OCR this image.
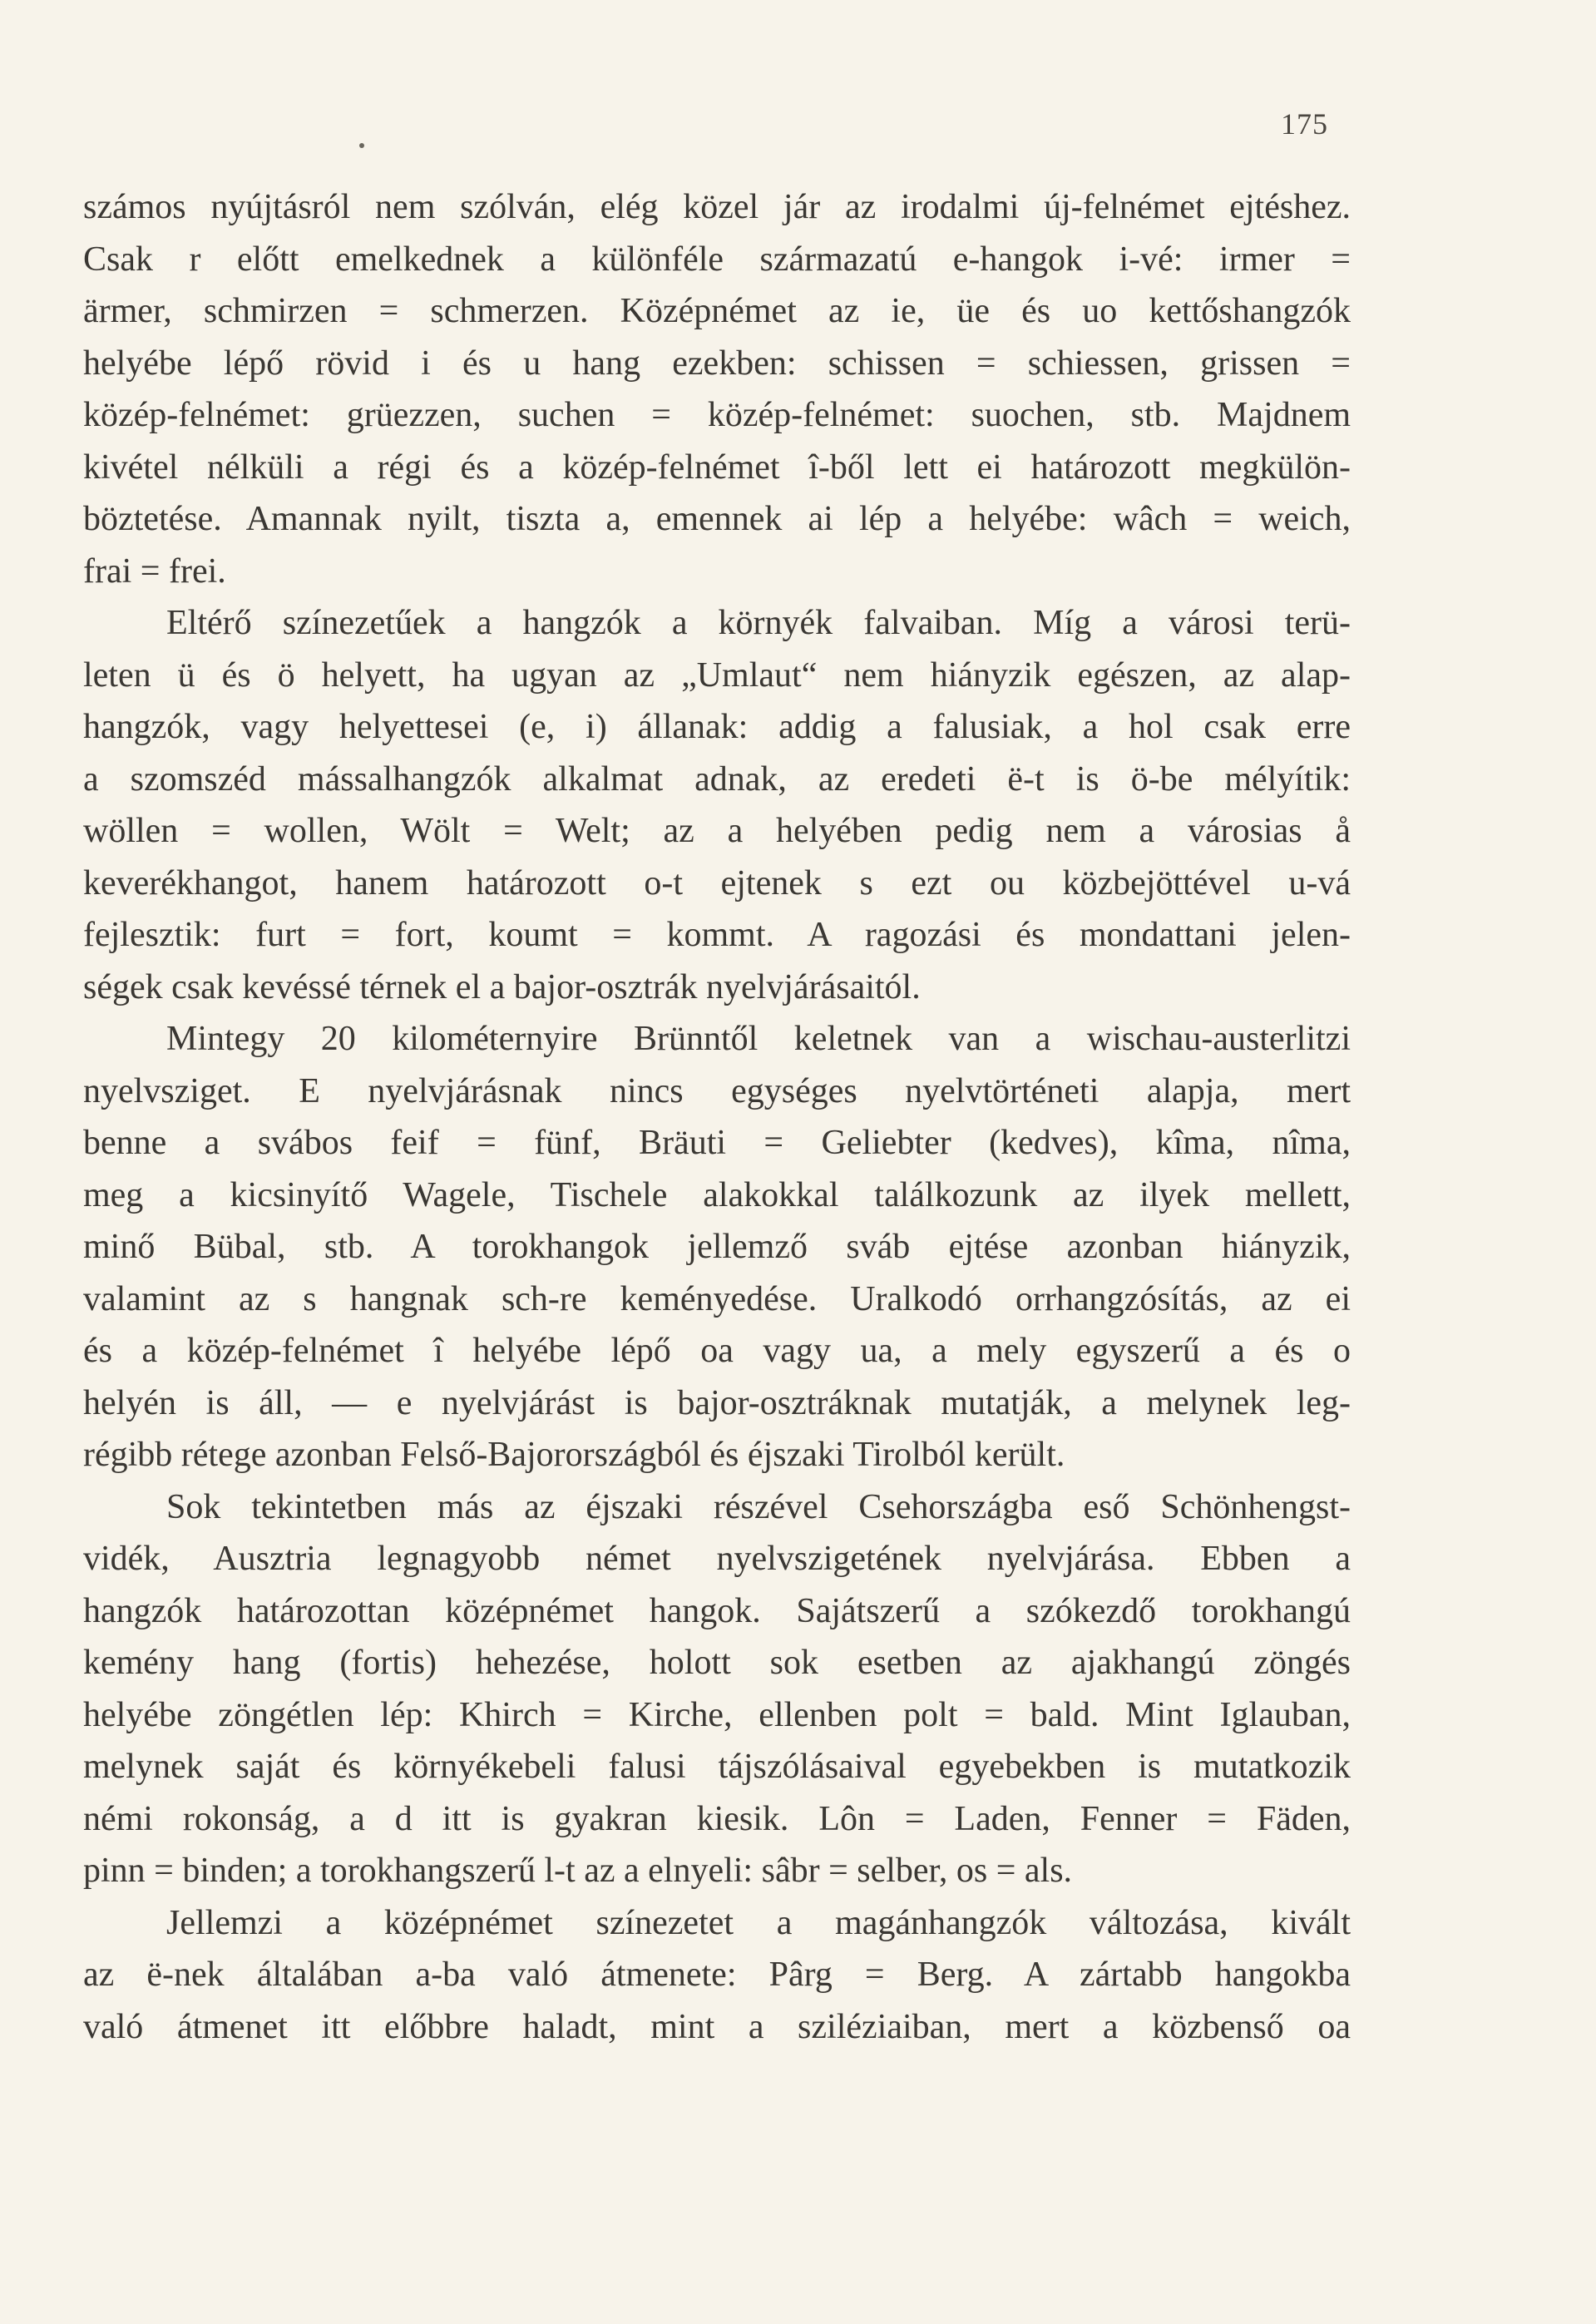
175
számos nyújtásról nem szólván, elég közel jár az irodalmi új-felnémet ejtéshez.
Csak r előtt emelkednek a különféle származatú e-hangok i-vé: irmer =
ärmer, schmirzen = schmerzen. Középnémet az ie, üe és uo kettőshangzók
helyébe lépő rövid i és u hang ezekben: schissen = schiessen, grissen =
közép-felnémet: grüezzen, suchen = közép-felnémet: suochen, stb. Majdnem
kivétel nélküli a régi és a közép-felnémet î-ből lett ei határozott megkülön-
böztetése. Amannak nyilt, tiszta a, emennek ai lép a helyébe: wâch = weich,
frai = frei.
Eltérő színezetűek a hangzók a környék falvaiban. Míg a városi terü-
leten ü és ö helyett, ha ugyan az „Umlaut“ nem hiányzik egészen, az alap-
hangzók, vagy helyettesei (e, i) állanak: addig a falusiak, a hol csak erre
a szomszéd mássalhangzók alkalmat adnak, az eredeti ë-t is ö-be mélyítik:
wöllen = wollen, Wölt = Welt; az a helyében pedig nem a városias å
keverékhangot, hanem határozott o-t ejtenek s ezt ou közbejöttével u-vá
fejlesztik: furt = fort, koumt = kommt. A ragozási és mondattani jelen-
ségek csak kevéssé térnek el a bajor-osztrák nyelvjárásaitól.
Mintegy 20 kilométernyire Brünntől keletnek van a wischau-austerlitzi
nyelvsziget. E nyelvjárásnak nincs egységes nyelvtörténeti alapja, mert
benne a svábos feif = fünf, Bräuti = Geliebter (kedves), kîma, nîma,
meg a kicsinyítő Wagele, Tischele alakokkal találkozunk az ilyek mellett,
minő Bübal, stb. A torokhangok jellemző sváb ejtése azonban hiányzik,
valamint az s hangnak sch-re keményedése. Uralkodó orrhangzósítás, az ei
és a közép-felnémet î helyébe lépő oa vagy ua, a mely egyszerű a és o
helyén is áll, — e nyelvjárást is bajor-osztráknak mutatják, a melynek leg-
régibb rétege azonban Felső-Bajorországból és éjszaki Tirolból került.
Sok tekintetben más az éjszaki részével Csehországba eső Schönhengst-
vidék, Ausztria legnagyobb német nyelvszigetének nyelvjárása. Ebben a
hangzók határozottan középnémet hangok. Sajátszerű a szókezdő torokhangú
kemény hang (fortis) hehezése, holott sok esetben az ajakhangú zöngés
helyébe zöngétlen lép: Khirch = Kirche, ellenben polt = bald. Mint Iglauban,
melynek saját és környékebeli falusi tájszólásaival egyebekben is mutatkozik
némi rokonság, a d itt is gyakran kiesik. Lôn = Laden, Fenner = Fäden,
pinn = binden; a torokhangszerű l-t az a elnyeli: sâbr = selber, os = als.
Jellemzi a középnémet színezetet a magánhangzók változása, kivált
az ë-nek általában a-ba való átmenete: Pârg = Berg. A zártabb hangokba
való átmenet itt előbbre haladt, mint a sziléziaiban, mert a közbenső oa
